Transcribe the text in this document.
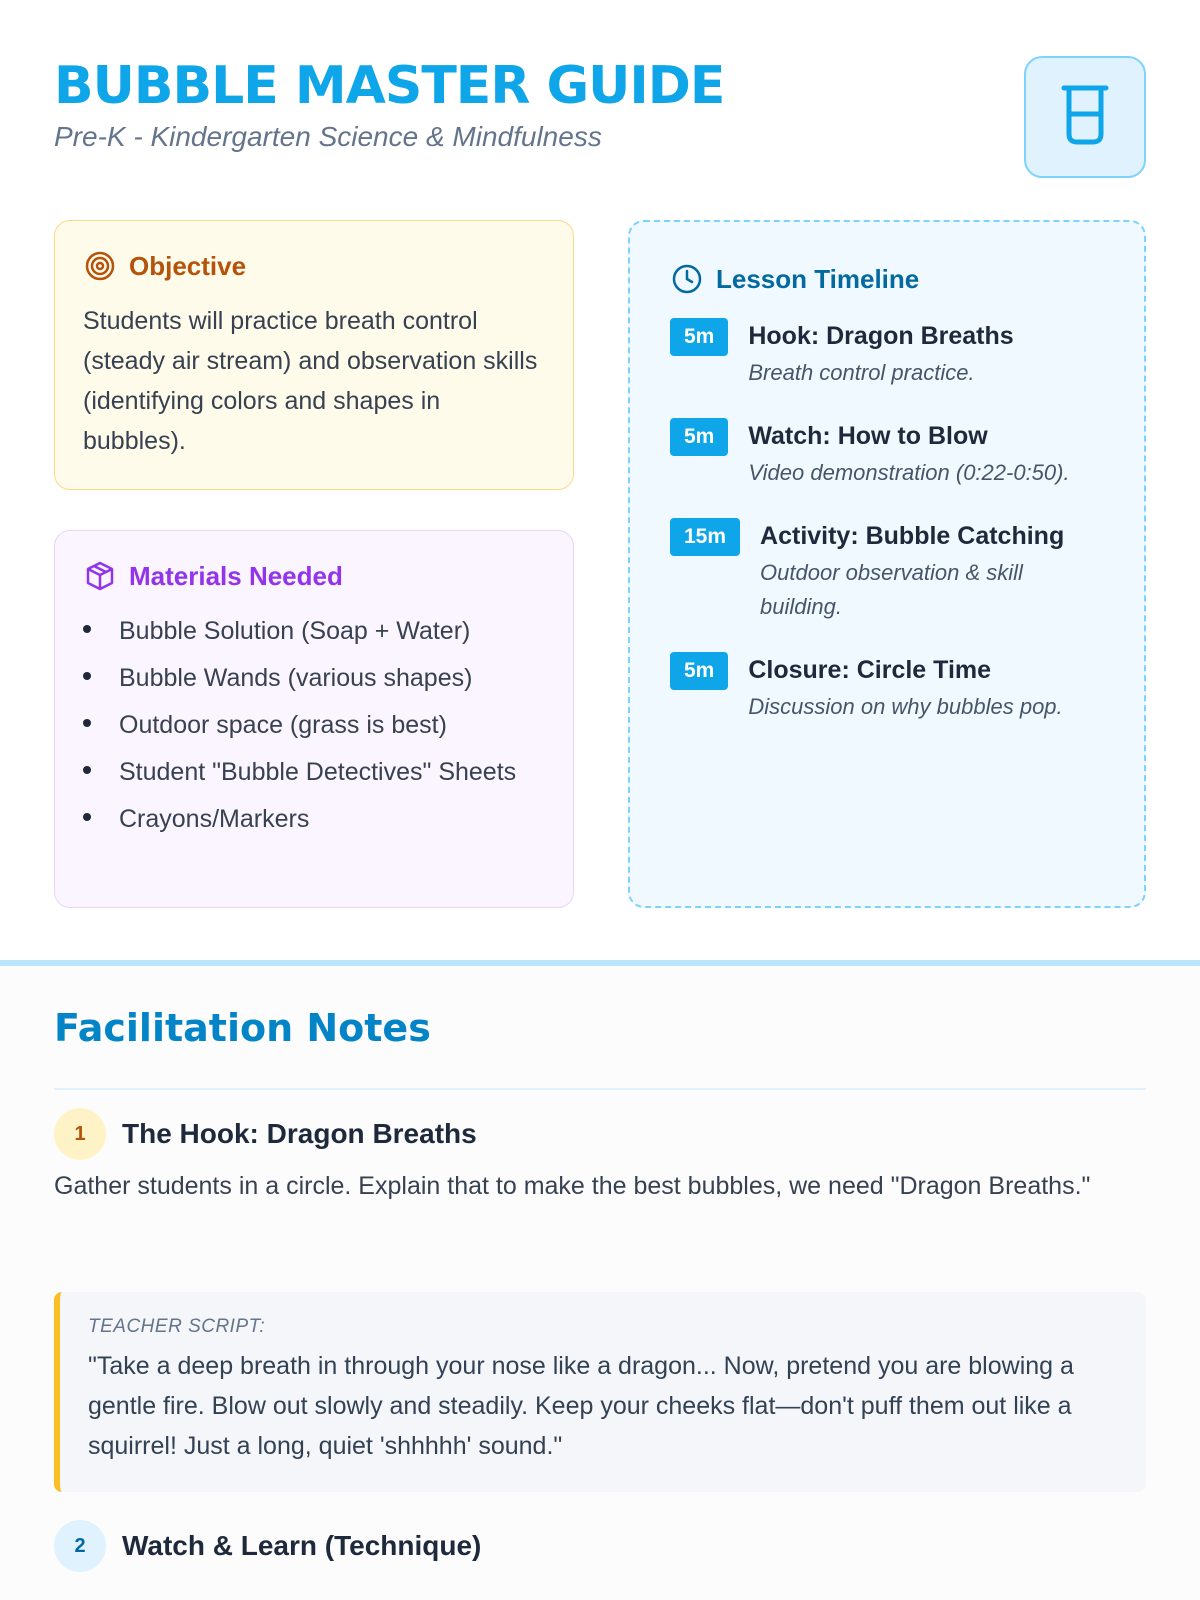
BUBBLE MASTER GUIDE

Pre-K - Kindergarten Science & Mindfulness

Objective

Students will practice breath control (steady air stream) and observation skills (identifying colors and shapes in bubbles).

Materials Needed
Bubble Solution (Soap + Water)
Bubble Wands (various shapes)
Outdoor space (grass is best)
Student "Bubble Detectives" Sheets
Crayons/Markers
Lesson Timeline
5m	Hook: Dragon Breaths
Breath control practice.
5m	Watch: How to Blow
Video demonstration (0:22-0:50).
15m	Activity: Bubble Catching
Outdoor observation & skill building.
5m	Closure: Circle Time
Discussion on why bubbles pop.
Facilitation Notes
1	The Hook: Dragon Breaths

Gather students in a circle. Explain that to make the best bubbles, we need "Dragon Breaths."

TEACHER SCRIPT:

"Take a deep breath in through your nose like a dragon... Now, pretend you are blowing a gentle fire. Blow out slowly and steadily. Keep your cheeks flat—don't puff them out like a squirrel! Just a long, quiet 'shhhhh' sound."

2	Watch & Learn (Technique)
